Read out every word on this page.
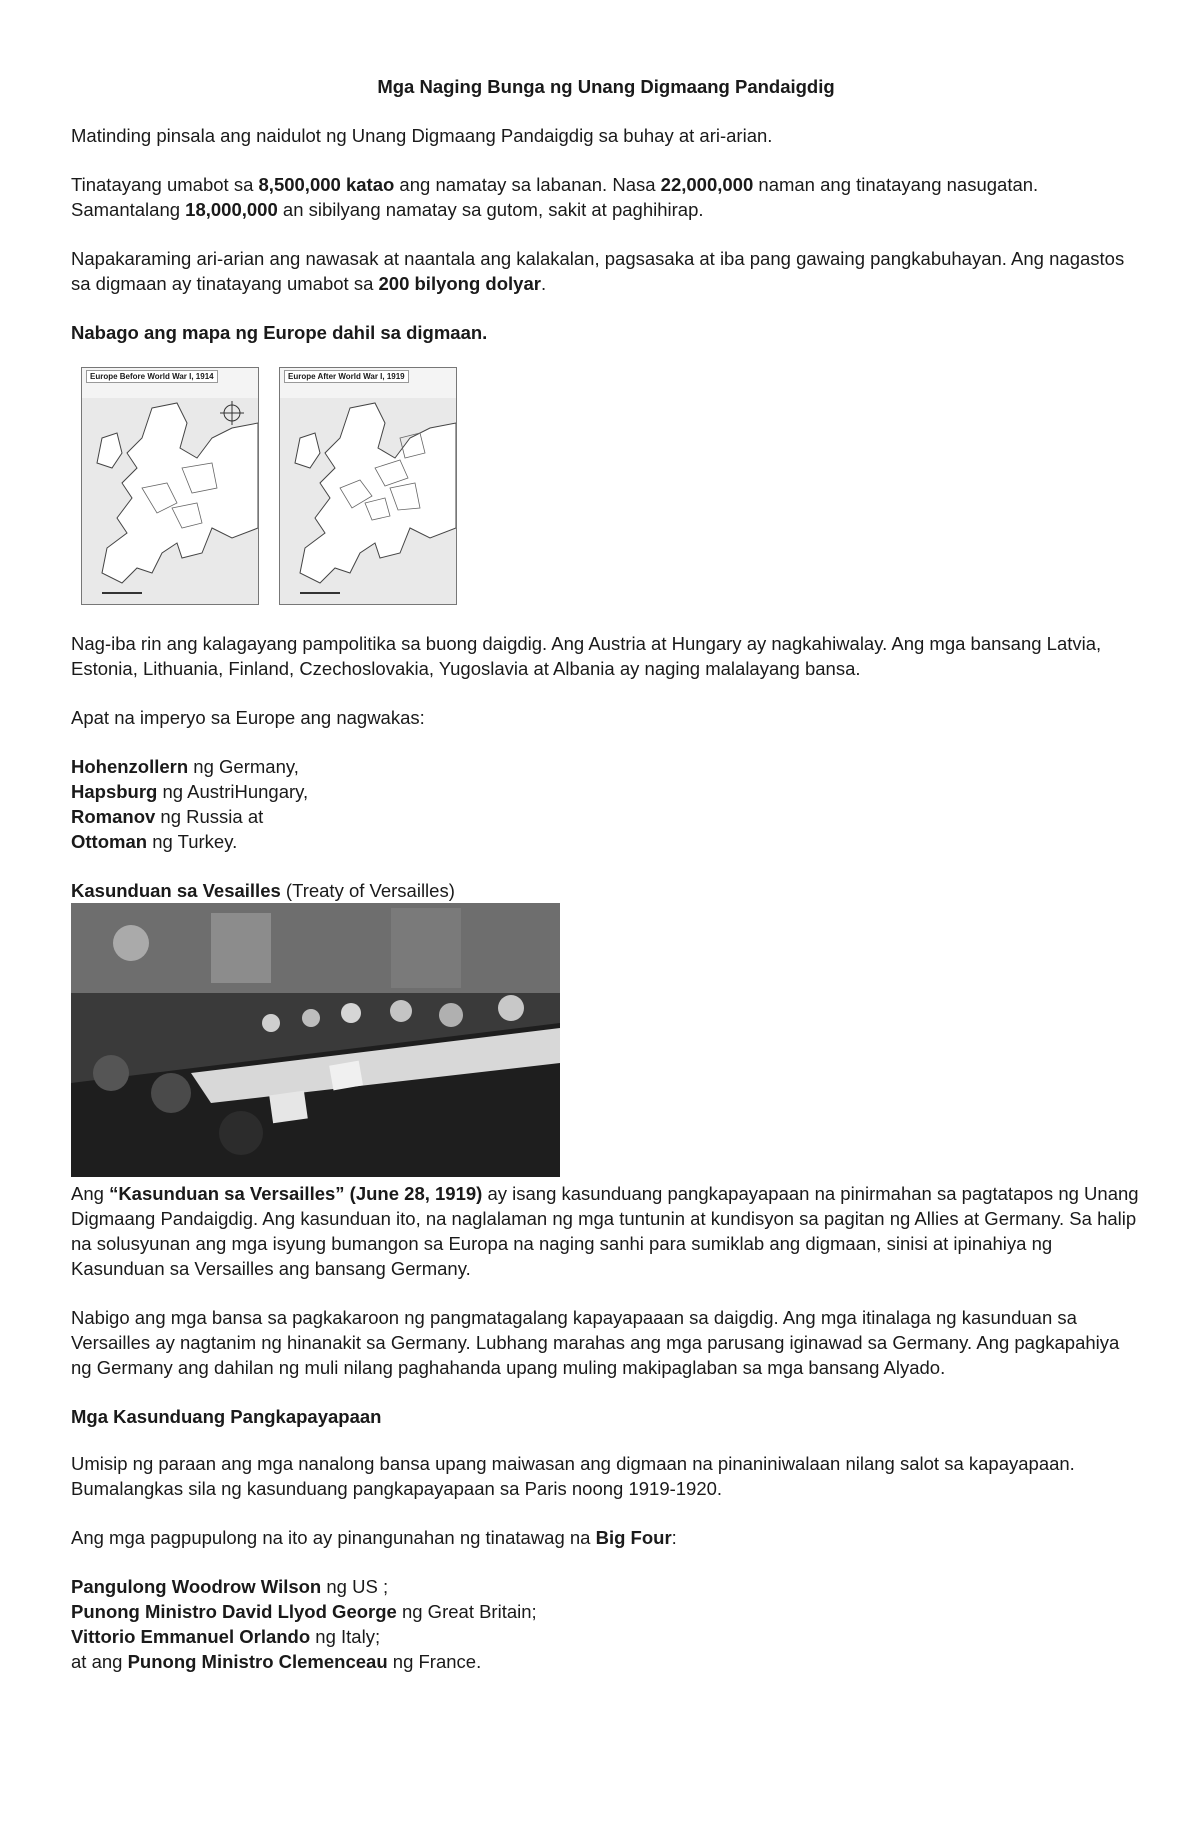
Mga Naging Bunga ng Unang Digmaang Pandaigdig

Matinding pinsala ang naidulot ng Unang Digmaang Pandaigdig sa buhay at ari-arian.

Tinatayang umabot sa 8,500,000 katao ang namatay sa labanan. Nasa 22,000,000 naman ang tinatayang nasugatan. Samantalang 18,000,000 an sibilyang namatay sa gutom, sakit at paghihirap.

Napakaraming ari-arian ang nawasak at naantala ang kalakalan, pagsasaka at iba pang gawaing pangkabuhayan. Ang nagastos sa digmaan ay tinatayang umabot sa 200 bilyong dolyar.

Nabago ang mapa ng Europe dahil sa digmaan.

Europe Before World War I, 1914	Europe After World War I, 1919

Nag-iba rin ang kalagayang pampolitika sa buong daigdig. Ang Austria at Hungary ay nagkahiwalay. Ang mga bansang Latvia, Estonia, Lithuania, Finland, Czechoslovakia, Yugoslavia at Albania ay naging malalayang bansa.

Apat na imperyo sa Europe ang nagwakas:

Hohenzollern ng Germany,

Hapsburg ng AustriHungary,

Romanov ng Russia at

Ottoman ng Turkey.

Kasunduan sa Vesailles (Treaty of Versailles)

Ang “Kasunduan sa Versailles” (June 28, 1919) ay isang kasunduang pangkapayapaan na pinirmahan sa pagtatapos ng Unang Digmaang Pandaigdig. Ang kasunduan ito, na naglalaman ng mga tuntunin at kundisyon sa pagitan ng Allies at Germany. Sa halip na solusyunan ang mga isyung bumangon sa Europa na naging sanhi para sumiklab ang digmaan, sinisi at ipinahiya ng Kasunduan sa Versailles ang bansang Germany.

Nabigo ang mga bansa sa pagkakaroon ng pangmatagalang kapayapaaan sa daigdig. Ang mga itinalaga ng kasunduan sa Versailles ay nagtanim ng hinanakit sa Germany. Lubhang marahas ang mga parusang iginawad sa Germany. Ang pagkapahiya ng Germany ang dahilan ng muli nilang paghahanda upang muling makipaglaban sa mga bansang Alyado.

Mga Kasunduang Pangkapayapaan

Umisip ng paraan ang mga nanalong bansa upang maiwasan ang digmaan na pinaniniwalaan nilang salot sa kapayapaan. Bumalangkas sila ng kasunduang pangkapayapaan sa Paris noong 1919-1920.

Ang mga pagpupulong na ito ay pinangunahan ng tinatawag na Big Four:

Pangulong Woodrow Wilson ng US ;

Punong Ministro David Llyod George ng Great Britain;

Vittorio Emmanuel Orlando ng Italy;

at ang Punong Ministro Clemenceau ng France.
